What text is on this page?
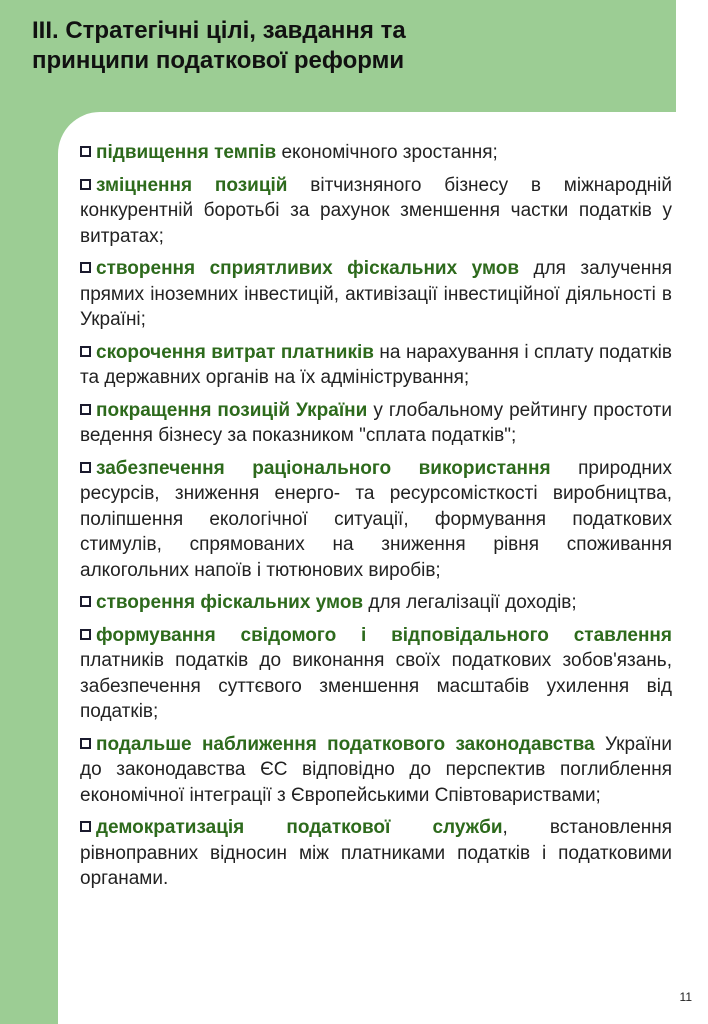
III. Стратегічні цілі, завдання та
принципи податкової реформи
підвищення темпів економічного зростання;
зміцнення позицій вітчизняного бізнесу в міжнародній конкурентній боротьбі за рахунок зменшення частки податків у витратах;
створення сприятливих фіскальних умов для залучення прямих іноземних інвестицій, активізації інвестиційної діяльності в Україні;
скорочення витрат платників на нарахування і сплату податків та державних органів на їх адміністрування;
покращення позицій України у глобальному рейтингу простоти ведення бізнесу за показником "сплата податків";
забезпечення раціонального використання природних ресурсів, зниження енерго- та ресурсомісткості виробництва, поліпшення екологічної ситуації, формування податкових стимулів, спрямованих на зниження рівня споживання алкогольних напоїв і тютюнових виробів;
створення фіскальних умов для легалізації доходів;
формування свідомого і відповідального ставлення платників податків до виконання своїх податкових зобов'язань, забезпечення суттєвого зменшення масштабів ухилення від податків;
подальше наближення податкового законодавства України до законодавства ЄС відповідно до перспектив поглиблення економічної інтеграції з Європейськими Співтовариствами;
демократизація податкової служби, встановлення рівноправних відносин між платниками податків і податковими органами.
11
